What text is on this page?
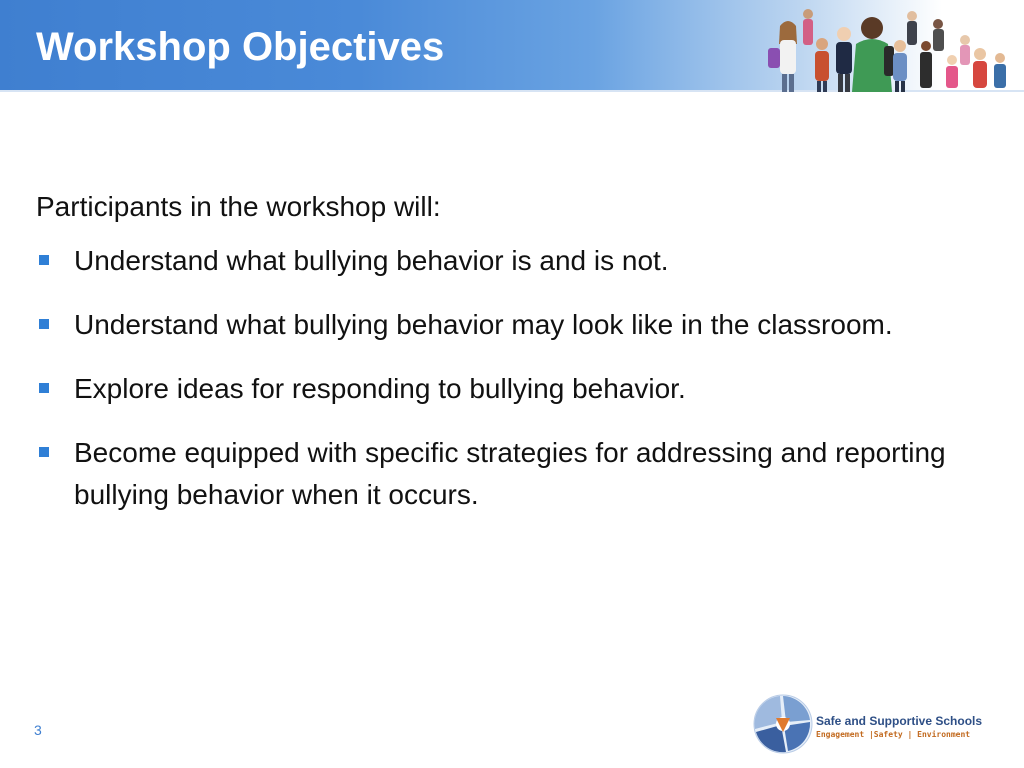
Workshop Objectives

Participants in the workshop will:

Understand what bullying behavior is and is not.
Understand what bullying behavior may look like in the classroom.
Explore ideas for responding to bullying behavior.
Become equipped with specific strategies for addressing and reporting bullying behavior when it occurs.
3
Safe and Supportive Schools
Engagement |Safety | Environment
